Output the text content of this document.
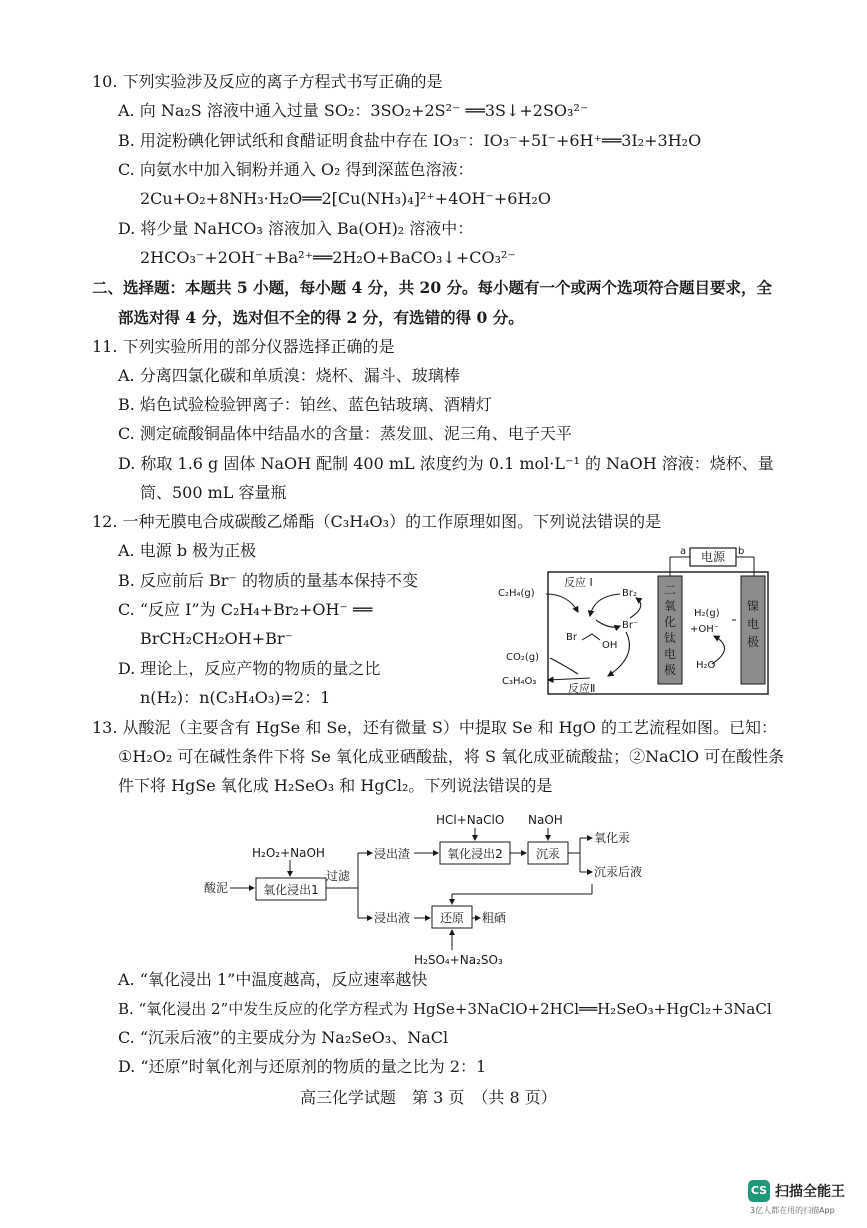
10. 下列实验涉及反应的离子方程式书写正确的是
A. 向 Na₂S 溶液中通入过量 SO₂：3SO₂+2S²⁻ ══3S↓+2SO₃²⁻
B. 用淀粉碘化钾试纸和食醋证明食盐中存在 IO₃⁻：IO₃⁻+5I⁻+6H⁺══3I₂+3H₂O
C. 向氨水中加入铜粉并通入 O₂ 得到深蓝色溶液：
2Cu+O₂+8NH₃·H₂O══2[Cu(NH₃)₄]²⁺+4OH⁻+6H₂O
D. 将少量 NaHCO₃ 溶液加入 Ba(OH)₂ 溶液中：
2HCO₃⁻+2OH⁻+Ba²⁺══2H₂O+BaCO₃↓+CO₃²⁻
二、选择题：本题共 5 小题，每小题 4 分，共 20 分。每小题有一个或两个选项符合题目要求，全
部选对得 4 分，选对但不全的得 2 分，有选错的得 0 分。
11. 下列实验所用的部分仪器选择正确的是
A. 分离四氯化碳和单质溴：烧杯、漏斗、玻璃棒
B. 焰色试验检验钾离子：铂丝、蓝色钴玻璃、酒精灯
C. 测定硫酸铜晶体中结晶水的含量：蒸发皿、泥三角、电子天平
D. 称取 1.6 g 固体 NaOH 配制 400 mL 浓度约为 0.1 mol·L⁻¹ 的 NaOH 溶液：烧杯、量
筒、500 mL 容量瓶
12. 一种无膜电合成碳酸乙烯酯（C₃H₄O₃）的工作原理如图。下列说法错误的是
A. 电源 b 极为正极
B. 反应前后 Br⁻ 的物质的量基本保持不变
C. “反应 I”为 C₂H₄+Br₂+OH⁻ ══
BrCH₂CH₂OH+Br⁻
D. 理论上，反应产物的物质的量之比
n(H₂)：n(C₃H₄O₃)=2：1
电源
a	b
二
氧
化
钛
电
极
镍
电
极
反应 I
C₂H₄(g)	Br₂
Br⁻
Br
OH
CO₂(g)
C₃H₄O₃
反应Ⅱ
H₂(g)
+OH⁻
H₂O
13. 从酸泥（主要含有 HgSe 和 Se，还有微量 S）中提取 Se 和 HgO 的工艺流程如图。已知：
①H₂O₂ 可在碱性条件下将 Se 氧化成亚硒酸盐，将 S 氧化成亚硫酸盐；②NaClO 可在酸性条
件下将 HgSe 氧化成 H₂SeO₃ 和 HgCl₂。下列说法错误的是
H₂O₂+NaOH
酸泥
过滤
浸出渣
HCl+NaClO NaOH
氧化汞
沉汞后液
浸出液	粗硒
H₂SO₄+Na₂SO₃
氧化浸出1
氧化浸出2	沉汞
还原
A. “氧化浸出 1”中温度越高，反应速率越快
B. “氧化浸出 2”中发生反应的化学方程式为 HgSe+3NaClO+2HCl══H₂SeO₃+HgCl₂+3NaCl
C. “沉汞后液”的主要成分为 Na₂SeO₃、NaCl
D. “还原”时氧化剂与还原剂的物质的量之比为 2：1
高三化学试题　第 3 页　（共 8 页）
CS 扫描全能王
3亿人都在用的扫描App
